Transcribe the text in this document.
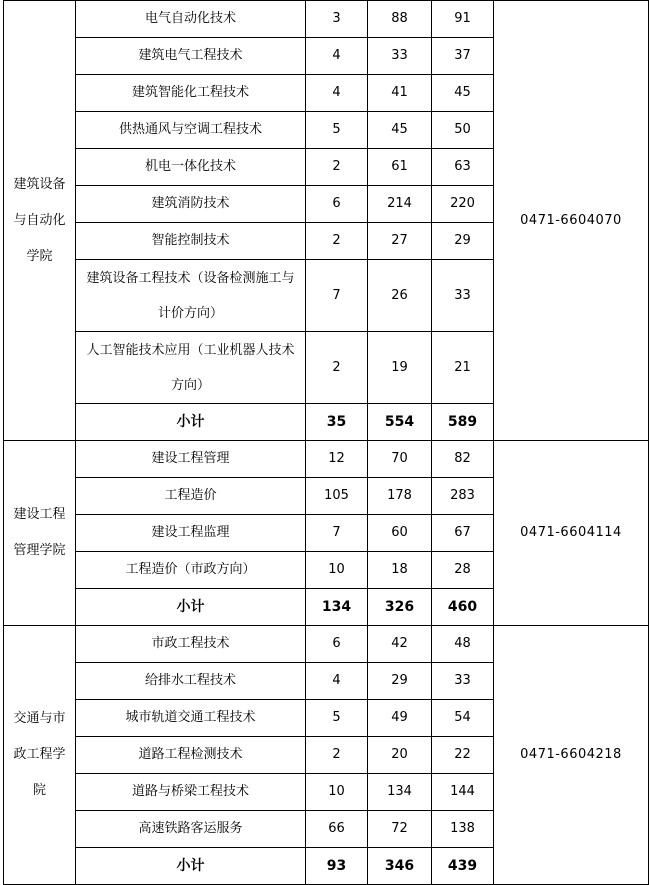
建筑设备
与自动化
学院	电气自动化技术	3	88	91	0471-6604070
	建筑电气工程技术	4	33	37	
	建筑智能化工程技术	4	41	45	
	供热通风与空调工程技术	5	45	50	
	机电一体化技术	2	61	63	
	建筑消防技术	6	214	220	
	智能控制技术	2	27	29	

	建筑设备工程技术（设备检测施工与
计价方向）	7	26	33	

	人工智能技术应用（工业机器人技术
方向）	2	19	21	
	小计	35	554	589	

建设工程
管理学院	建设工程管理	12	70	82	0471-6604114
	工程造价	105	178	283	
	建设工程监理	7	60	67	
	工程造价（市政方向）	10	18	28	
	小计	134	326	460	

交通与市
政工程学
院	市政工程技术	6	42	48	0471-6604218
	给排水工程技术	4	29	33	
	城市轨道交通工程技术	5	49	54	
	道路工程检测技术	2	20	22	
	道路与桥梁工程技术	10	134	144	
	高速铁路客运服务	66	72	138	
	小计	93	346	439	
